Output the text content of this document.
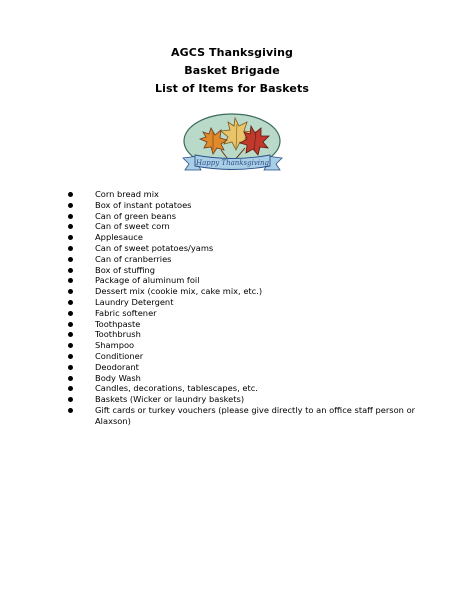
AGCS Thanksgiving
Basket Brigade
List of Items for Baskets
Happy Thanksgiving
Corn bread mix
Box of instant potatoes
Can of green beans
Can of sweet corn
Applesauce
Can of sweet potatoes/yams
Can of cranberries
Box of stuffing
Package of aluminum foil
Dessert mix (cookie mix, cake mix, etc.)
Laundry Detergent
Fabric softener
Toothpaste
Toothbrush
Shampoo
Conditioner
Deodorant
Body Wash
Candles, decorations, tablescapes, etc.
Baskets (Wicker or laundry baskets)
Gift cards or turkey vouchers (please give directly to an office staff person or Alaxson)
